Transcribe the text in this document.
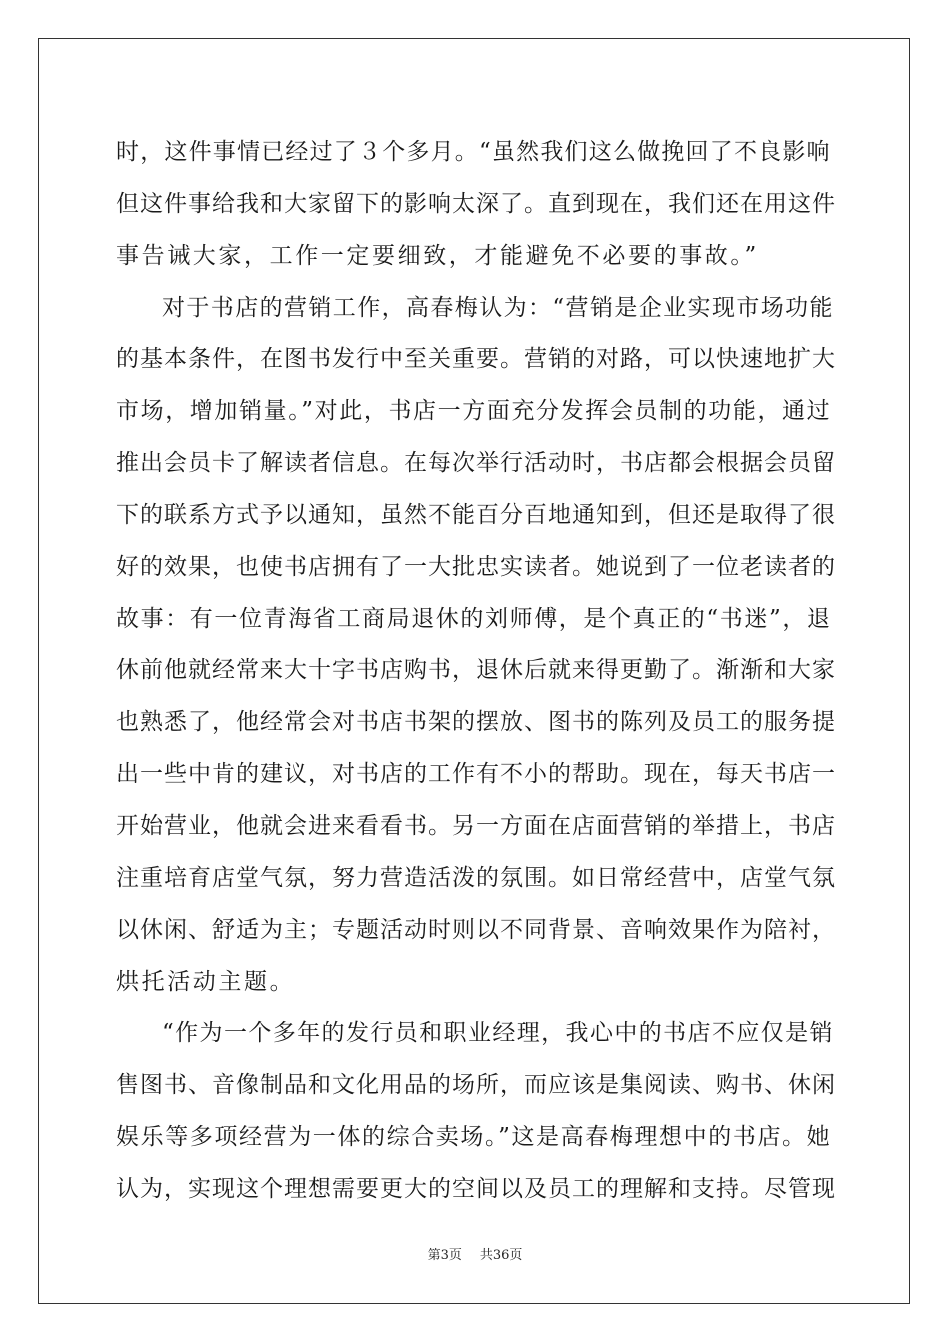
时，这件事情已经过了３个多月。“虽然我们这么做挽回了不良影响
但这件事给我和大家留下的影响太深了。直到现在，我们还在用这件
事告诫大家，工作一定要细致，才能避免不必要的事故。”
对于书店的营销工作，高春梅认为：“营销是企业实现市场功能
的基本条件，在图书发行中至关重要。营销的对路，可以快速地扩大
市场，增加销量。”对此，书店一方面充分发挥会员制的功能，通过
推出会员卡了解读者信息。在每次举行活动时，书店都会根据会员留
下的联系方式予以通知，虽然不能百分百地通知到，但还是取得了很
好的效果，也使书店拥有了一大批忠实读者。她说到了一位老读者的
故事：有一位青海省工商局退休的刘师傅，是个真正的“书迷”，退
休前他就经常来大十字书店购书，退休后就来得更勤了。渐渐和大家
也熟悉了，他经常会对书店书架的摆放、图书的陈列及员工的服务提
出一些中肯的建议，对书店的工作有不小的帮助。现在，每天书店一
开始营业，他就会进来看看书。另一方面在店面营销的举措上，书店
注重培育店堂气氛，努力营造活泼的氛围。如日常经营中，店堂气氛
以休闲、舒适为主；专题活动时则以不同背景、音响效果作为陪衬，
烘托活动主题。
“作为一个多年的发行员和职业经理，我心中的书店不应仅是销
售图书、音像制品和文化用品的场所，而应该是集阅读、购书、休闲
娱乐等多项经营为一体的综合卖场。”这是高春梅理想中的书店。她
认为，实现这个理想需要更大的空间以及员工的理解和支持。尽管现
第3页 共36页
